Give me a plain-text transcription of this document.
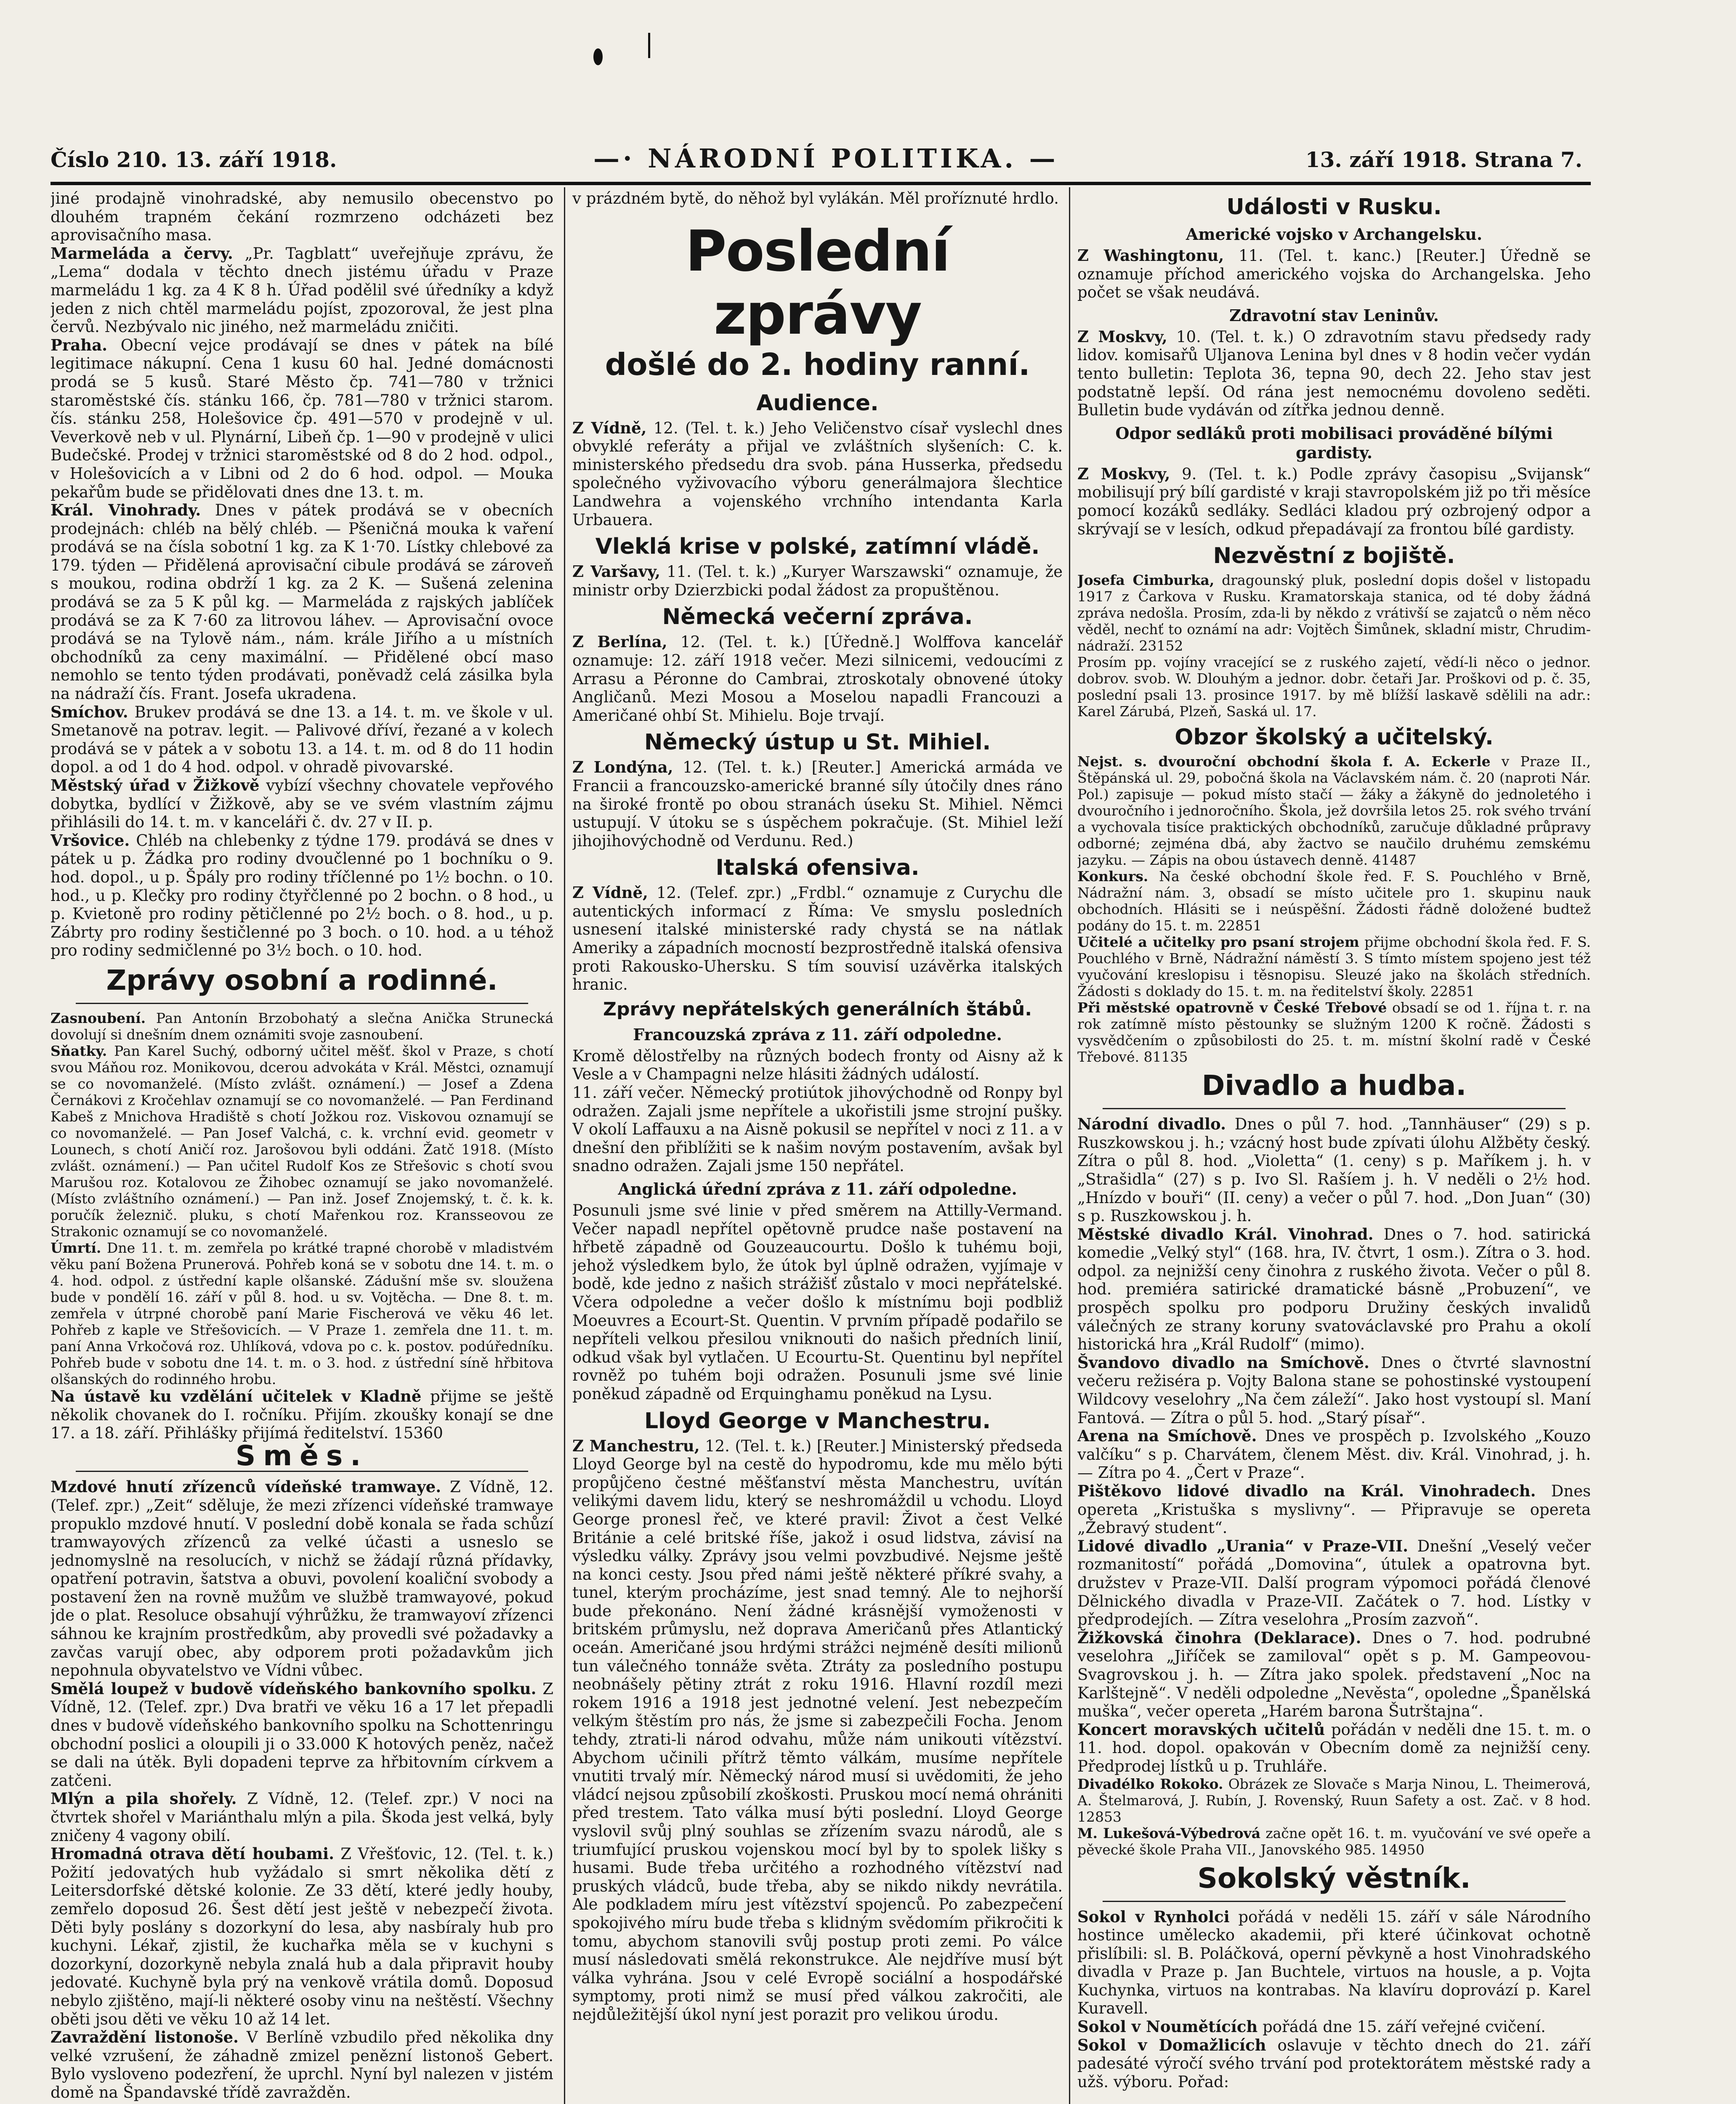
Číslo 210. 13. září 1918.	—· NÁRODNÍ POLITIKA. —	13. září 1918. Strana 7.

jiné prodajně vinohradské, aby nemusilo obecenstvo po dlouhém trapném čekání rozmrzeno odcházeti bez aprovisačního masa.

Marmeláda a červy. „Pr. Tagblatt“ uveřejňuje zprávu, že „Lema“ dodala v těchto dnech jistému úřadu v Praze marmeládu 1 kg. za 4 K 8 h. Úřad podělil své úředníky a když jeden z nich chtěl marmeládu pojíst, zpozoroval, že jest plna červů. Nezbývalo nic jiného, než marmeládu zničiti.

Praha. Obecní vejce prodávají se dnes v pátek na bílé legitimace nákupní. Cena 1 kusu 60 hal. Jedné domácnosti prodá se 5 kusů. Staré Město čp. 741—780 v tržnici staroměstské čís. stánku 166, čp. 781—780 v tržnici starom. čís. stánku 258, Holešovice čp. 491—570 v prodejně v ul. Veverkově neb v ul. Plynární, Libeň čp. 1—90 v prodejně v ulici Budečské. Prodej v tržnici staroměstské od 8 do 2 hod. odpol., v Holešovicích a v Libni od 2 do 6 hod. odpol. — Mouka pekařům bude se přidělovati dnes dne 13. t. m.

Král. Vinohrady. Dnes v pátek prodává se v obecních prodejnách: chléb na bělý chléb. — Pšeničná mouka k vaření prodává se na čísla sobotní 1 kg. za K 1·70. Lístky chlebové za 179. týden — Přidělená aprovisační cibule prodává se zároveň s moukou, rodina obdrží 1 kg. za 2 K. — Sušená zelenina prodává se za 5 K půl kg. — Marmeláda z rajských jablíček prodává se za K 7·60 za litrovou láhev. — Aprovisační ovoce prodává se na Tylově nám., nám. krále Jiřího a u místních obchodníků za ceny maximální. — Přidělené obcí maso nemohlo se tento týden prodávati, poněvadž celá zásilka byla na nádraží čís. Frant. Josefa ukradena.

Smíchov. Brukev prodává se dne 13. a 14. t. m. ve škole v ul. Smetanově na potrav. legit. — Palivové dříví, řezané a v kolech prodává se v pátek a v sobotu 13. a 14. t. m. od 8 do 11 hodin dopol. a od 1 do 4 hod. odpol. v ohradě pivovarské.

Městský úřad v Žižkově vybízí všechny chovatele vepřového dobytka, bydlící v Žižkově, aby se ve svém vlastním zájmu přihlásili do 14. t. m. v kanceláři č. dv. 27 v II. p.

Vršovice. Chléb na chlebenky z týdne 179. prodává se dnes v pátek u p. Žádka pro rodiny dvoučlenné po 1 bochníku o 9. hod. dopol., u p. Špály pro rodiny tříčlenné po 1½ bochn. o 10. hod., u p. Klečky pro rodiny čtyřčlenné po 2 bochn. o 8 hod., u p. Kvietoně pro rodiny pětičlenné po 2½ boch. o 8. hod., u p. Zábrty pro rodiny šestičlenné po 3 boch. o 10. hod. a u téhož pro rodiny sedmičlenné po 3½ boch. o 10. hod.

Zprávy osobní a rodinné.

Zasnoubení. Pan Antonín Brzobohatý a slečna Anička Strunecká dovolují si dnešním dnem oznámiti svoje zasnoubení.

Sňatky. Pan Karel Suchý, odborný učitel měšť. škol v Praze, s chotí svou Máňou roz. Monikovou, dcerou advokáta v Král. Městci, oznamují se co novomanželé. (Místo zvlášt. oznámení.) — Josef a Zdena Černákovi z Kročehlav oznamují se co novomanželé. — Pan Ferdinand Kabeš z Mnichova Hradiště s chotí Jožkou roz. Viskovou oznamují se co novomanželé. — Pan Josef Valchá, c. k. vrchní evid. geometr v Lounech, s chotí Aničí roz. Jarošovou byli oddáni. Žatč 1918. (Místo zvlášt. oznámení.) — Pan učitel Rudolf Kos ze Střešovic s chotí svou Marušou roz. Kotalovou ze Žihobec oznamují se jako novomanželé. (Místo zvláštního oznámení.) — Pan inž. Josef Znojemský, t. č. k. k. poručík železnič. pluku, s chotí Mařenkou roz. Kransseovou ze Strakonic oznamují se co novomanželé.

Úmrtí. Dne 11. t. m. zemřela po krátké trapné chorobě v mladistvém věku paní Božena Prunerová. Pohřeb koná se v sobotu dne 14. t. m. o 4. hod. odpol. z ústřední kaple olšanské. Zádušní mše sv. sloužena bude v pondělí 16. září v půl 8. hod. u sv. Vojtěcha. — Dne 8. t. m. zemřela v útrpné chorobě paní Marie Fischerová ve věku 46 let. Pohřeb z kaple ve Střešovicích. — V Praze 1. zemřela dne 11. t. m. paní Anna Vrkočová roz. Uhlíková, vdova po c. k. postov. podúředníku. Pohřeb bude v sobotu dne 14. t. m. o 3. hod. z ústřední síně hřbitova olšanských do rodinného hrobu.

Na ústavě ku vzdělání učitelek v Kladně přijme se ještě několik chovanek do I. ročníku. Přijím. zkoušky konají se dne 17. a 18. září. Přihlášky přijímá ředitelství. 15360

Směs.

Mzdové hnutí zřízenců vídeňské tramwaye. Z Vídně, 12. (Telef. zpr.) „Zeit“ sděluje, že mezi zřízenci vídeňské tramwaye propuklo mzdové hnutí. V poslední době konala se řada schůzí tramwayových zřízenců za velké účasti a usneslo se jednomyslně na resolucích, v nichž se žádají různá přídavky, opatření potravin, šatstva a obuvi, povolení koaliční svobody a postavení žen na rovně mužům ve službě tramwayové, pokud jde o plat. Resoluce obsahují výhrůžku, že tramwayoví zřízenci sáhnou ke krajním prostředkům, aby provedli své požadavky a zavčas varují obec, aby odporem proti požadavkům jich nepohnula obyvatelstvo ve Vídni vůbec.

Smělá loupež v budově vídeňského bankovního spolku. Z Vídně, 12. (Telef. zpr.) Dva bratři ve věku 16 a 17 let přepadli dnes v budově vídeňského bankovního spolku na Schottenringu obchodní poslici a oloupili ji o 33.000 K hotových peněz, načež se dali na útěk. Byli dopadeni teprve za hřbitovním církvem a zatčeni.

Mlýn a pila shořely. Z Vídně, 12. (Telef. zpr.) V noci na čtvrtek shořel v Mariánthalu mlýn a pila. Škoda jest velká, byly zničeny 4 vagony obilí.

Hromadná otrava dětí houbami. Z Vřešťovic, 12. (Tel. t. k.) Požití jedovatých hub vyžádalo si smrt několika dětí z Leitersdorfské dětské kolonie. Ze 33 dětí, které jedly houby, zemřelo doposud 26. Šest dětí jest ještě v nebezpečí života. Děti byly poslány s dozorkyní do lesa, aby nasbíraly hub pro kuchyni. Lékař, zjistil, že kuchařka měla se v kuchyni s dozorkyní, dozorkyně nebyla znalá hub a dala připravit houby jedovaté. Kuchyně byla prý na venkově vrátila domů. Doposud nebylo zjištěno, mají-li některé osoby vinu na neštěstí. Všechny oběti jsou děti ve věku 10 až 14 let.

Zavraždění listonoše. V Berlíně vzbudilo před několika dny velké vzrušení, že záhadně zmizel penězní listonoš Gebert. Bylo vysloveno podezření, že uprchl. Nyní byl nalezen v jistém domě na Špandavské třídě zavražděn.

v prázdném bytě, do něhož byl vylákán. Měl proříznuté hrdlo.

Poslední zprávy
došlé do 2. hodiny ranní.
Audience.

Z Vídně, 12. (Tel. t. k.) Jeho Veličenstvo císař vyslechl dnes obvyklé referáty a přijal ve zvláštních slyšeních: C. k. ministerského předsedu dra svob. pána Husserka, předsedu společného vyživovacího výboru generálmajora šlechtice Landwehra a vojenského vrchního intendanta Karla Urbauera.

Vleklá krise v polské, zatímní vládě.

Z Varšavy, 11. (Tel. t. k.) „Kuryer Warszawski“ oznamuje, že ministr orby Dzierzbicki podal žádost za propuštěnou.

Německá večerní zpráva.

Z Berlína, 12. (Tel. t. k.) [Úředně.] Wolffova kancelář oznamuje: 12. září 1918 večer. Mezi silnicemi, vedoucími z Arrasu a Péronne do Cambrai, ztroskotaly obnovené útoky Angličanů. Mezi Mosou a Moselou napadli Francouzi a Američané ohbí St. Mihielu. Boje trvají.

Německý ústup u St. Mihiel.

Z Londýna, 12. (Tel. t. k.) [Reuter.] Americká armáda ve Francii a francouzsko-americké branné síly útočily dnes ráno na široké frontě po obou stranách úseku St. Mihiel. Němci ustupují. V útoku se s úspěchem pokračuje. (St. Mihiel leží jihojihovýchodně od Verdunu. Red.)

Italská ofensiva.

Z Vídně, 12. (Telef. zpr.) „Frdbl.“ oznamuje z Curychu dle autentických informací z Říma: Ve smyslu posledních usnesení italské ministerské rady chystá se na nátlak Ameriky a západních mocností bezprostředně italská ofensiva proti Rakousko-Uhersku. S tím souvisí uzávěrka italských hranic.

Zprávy nepřátelských generálních štábů.
Francouzská zpráva z 11. září odpoledne.

Kromě dělostřelby na různých bodech fronty od Aisny až k Vesle a v Champagni nelze hlásiti žádných událostí.

11. září večer. Německý protiútok jihovýchodně od Ronpy byl odražen. Zajali jsme nepřítele a ukořistili jsme strojní pušky. V okolí Laffauxu a na Aisně pokusil se nepřítel v noci z 11. a v dnešní den přiblížiti se k našim novým postavením, avšak byl snadno odražen. Zajali jsme 150 nepřátel.

Anglická úřední zpráva z 11. září odpoledne.

Posunuli jsme své linie v před směrem na Attilly-Vermand. Večer napadl nepřítel opětovně prudce naše postavení na hřbetě západně od Gouzeaucourtu. Došlo k tuhému boji, jehož výsledkem bylo, že útok byl úplně odražen, vyjímaje v bodě, kde jedno z našich strážišť zůstalo v moci nepřátelské. Včera odpoledne a večer došlo k místnímu boji podbliž Moeuvres a Ecourt-St. Quentin. V prvním případě podařilo se nepříteli velkou přesilou vniknouti do našich předních linií, odkud však byl vytlačen. U Ecourtu-St. Quentinu byl nepřítel rovněž po tuhém boji odražen. Posunuli jsme své linie poněkud západně od Erquinghamu poněkud na Lysu.

Lloyd George v Manchestru.

Z Manchestru, 12. (Tel. t. k.) [Reuter.] Ministerský předseda Lloyd George byl na cestě do hypodromu, kde mu mělo býti propůjčeno čestné měšťanství města Manchestru, uvítán velikými davem lidu, který se neshromáždil u vchodu. Lloyd George pronesl řeč, ve které pravil: Život a čest Velké Británie a celé britské říše, jakož i osud lidstva, závisí na výsledku války. Zprávy jsou velmi povzbudivé. Nejsme ještě na konci cesty. Jsou před námi ještě některé příkré svahy, a tunel, kterým procházíme, jest snad temný. Ale to nejhorší bude překonáno. Není žádné krásnější vymoženosti v britském průmyslu, než doprava Američanů přes Atlantický oceán. Američané jsou hrdými strážci nejméně desíti milionů tun válečného tonnáže světa. Ztráty za posledního postupu neobnášely pětiny ztrát z roku 1916. Hlavní rozdíl mezi rokem 1916 a 1918 jest jednotné velení. Jest nebezpečím velkým štěstím pro nás, že jsme si zabezpečili Focha. Jenom tehdy, ztrati-li národ odvahu, může nám unikouti vítězství. Abychom učinili přítrž těmto válkám, musíme nepřítele vnutiti trvalý mír. Německý národ musí si uvědomiti, že jeho vládcí nejsou způsobilí zkoškosti. Pruskou mocí nemá ohrániti před trestem. Tato válka musí býti poslední. Lloyd George vyslovil svůj plný souhlas se zřízením svazu národů, ale s triumfující pruskou vojenskou mocí byl by to spolek lišky s husami. Bude třeba určitého a rozhodného vítězství nad pruských vládců, bude třeba, aby se nikdo nikdy nevrátila. Ale podkladem míru jest vítězství spojenců. Po zabezpečení spokojivého míru bude třeba s klidným svědomím přikročiti k tomu, abychom stanovili svůj postup proti zemi. Po válce musí následovati smělá rekonstrukce. Ale nejdříve musí být válka vyhrána. Jsou v celé Evropě sociální a hospodářské symptomy, proti nimž se musí před válkou zakročiti, ale nejdůležitější úkol nyní jest porazit pro velikou úrodu.

Události v Rusku.
Americké vojsko v Archangelsku.

Z Washingtonu, 11. (Tel. t. kanc.) [Reuter.] Úředně se oznamuje příchod amerického vojska do Archangelska. Jeho počet se však neudává.

Zdravotní stav Leninův.

Z Moskvy, 10. (Tel. t. k.) O zdravotním stavu předsedy rady lidov. komisařů Uljanova Lenina byl dnes v 8 hodin večer vydán tento bulletin: Teplota 36, tepna 90, dech 22. Jeho stav jest podstatně lepší. Od rána jest nemocnému dovoleno seděti. Bulletin bude vydáván od zítřka jednou denně.

Odpor sedláků proti mobilisaci prováděné bílými gardisty.

Z Moskvy, 9. (Tel. t. k.) Podle zprávy časopisu „Svijansk“ mobilisují prý bílí gardisté v kraji stavropolském již po tři měsíce pomocí kozáků sedláky. Sedláci kladou prý ozbrojený odpor a skrývají se v lesích, odkud přepadávají za frontou bílé gardisty.

Nezvěstní z bojiště.

Josefa Cimburka, dragounský pluk, poslední dopis došel v listopadu 1917 z Čarkova v Rusku. Kramatorskaja stanica, od té doby žádná zpráva nedošla. Prosím, zda-li by někdo z vrátivší se zajatců o něm něco věděl, nechť to oznámí na adr: Vojtěch Šimůnek, skladní mistr, Chrudim-nádraží. 23152

Prosím pp. vojíny vracející se z ruského zajetí, vědí-li něco o jednor. dobrov. svob. W. Dlouhým a jednor. dobr. četaři Jar. Proškovi od p. č. 35, poslední psali 13. prosince 1917. by mě blížší laskavě sdělili na adr.: Karel Zárubá, Plzeň, Saská ul. 17.

Obzor školský a učitelský.

Nejst. s. dvouroční obchodní škola f. A. Eckerle v Praze II., Štěpánská ul. 29, pobočná škola na Václavském nám. č. 20 (naproti Nár. Pol.) zapisuje — pokud místo stačí — žáky a žákyně do jednoletého i dvouročního i jednoročního. Škola, jež dovršila letos 25. rok svého trvání a vychovala tisíce praktických obchodníků, zaručuje důkladné průpravy odborné; zejména dbá, aby žactvo se naučilo druhému zemskému jazyku. — Zápis na obou ústavech denně. 41487

Konkurs. Na české obchodní škole řed. F. S. Pouchlého v Brně, Nádražní nám. 3, obsadí se místo učitele pro 1. skupinu nauk obchodních. Hlásiti se i neúspěšní. Žádosti řádně doložené budtež podány do 15. t. m. 22851

Učitelé a učitelky pro psaní strojem přijme obchodní škola řed. F. S. Pouchlého v Brně, Nádražní náměstí 3. S tímto místem spojeno jest též vyučování kreslopisu i těsnopisu. Sleuzé jako na školách středních. Žádosti s doklady do 15. t. m. na ředitelství školy. 22851

Při městské opatrovně v České Třebové obsadí se od 1. října t. r. na rok zatímně místo pěstounky se služným 1200 K ročně. Žádosti s vysvědčením o způsobilosti do 25. t. m. místní školní radě v České Třebové. 81135

Divadlo a hudba.

Národní divadlo. Dnes o půl 7. hod. „Tannhäuser“ (29) s p. Ruszkowskou j. h.; vzácný host bude zpívati úlohu Alžběty český. Zítra o půl 8. hod. „Violetta“ (1. ceny) s p. Maříkem j. h. v „Strašidla“ (27) s p. Ivo Sl. Rašíem j. h. V neděli o 2½ hod. „Hnízdo v bouři“ (II. ceny) a večer o půl 7. hod. „Don Juan“ (30) s p. Ruszkowskou j. h.

Městské divadlo Král. Vinohrad. Dnes o 7. hod. satirická komedie „Velký styl“ (168. hra, IV. čtvrt, 1 osm.). Zítra o 3. hod. odpol. za nejnižší ceny činohra z ruského života. Večer o půl 8. hod. premiéra satirické dramatické básně „Probuzení“, ve prospěch spolku pro podporu Družiny českých invalidů válečných ze strany koruny svatováclavské pro Prahu a okolí historická hra „Král Rudolf“ (mimo).

Švandovo divadlo na Smíchově. Dnes o čtvrté slavnostní večeru režiséra p. Vojty Balona stane se pohostinské vystoupení Wildcovy veselohry „Na čem záleží“. Jako host vystoupí sl. Maní Fantová. — Zítra o půl 5. hod. „Starý písař“.

Arena na Smíchově. Dnes ve prospěch p. Izvolského „Kouzo valčíku“ s p. Charvátem, členem Měst. div. Král. Vinohrad, j. h. — Zítra po 4. „Čert v Praze“.

Pištěkovo lidové divadlo na Král. Vinohradech. Dnes opereta „Kristuška s myslivny“. — Připravuje se opereta „Žebravý student“.

Lidové divadlo „Urania“ v Praze-VII. Dnešní „Veselý večer rozmanitostí“ pořádá „Domovina“, útulek a opatrovna byt. družstev v Praze-VII. Další program výpomoci pořádá členové Dělnického divadla v Praze-VII. Začátek o 7. hod. Lístky v předprodejích. — Zítra veselohra „Prosím zazvoň“.

Žižkovská činohra (Deklarace). Dnes o 7. hod. podrubné veselohra „Jiříček se zamiloval“ opět s p. M. Gampeovou-Svagrovskou j. h. — Zítra jako spolek. představení „Noc na Karlštejně“. V neděli odpoledne „Nevěsta“, opoledne „Španělská muška“, večer opereta „Harém barona Šutrštajna“.

Koncert moravských učitelů pořádán v neděli dne 15. t. m. o 11. hod. dopol. opakován v Obecním domě za nejnižší ceny. Předprodej lístků u p. Truhláře.

Divadélko Rokoko. Obrázek ze Slovače s Marja Ninou, L. Theimerová, A. Štelmarová, J. Rubín, J. Rovenský, Ruun Safety a ost. Zač. v 8 hod. 12853

M. Lukešová-Výbedrová začne opět 16. t. m. vyučování ve své opeře a pěvecké škole Praha VII., Janovského 985. 14950

Sokolský věstník.

Sokol v Rynholci pořádá v neděli 15. září v sále Národního hostince umělecko akademii, při které účinkovat ochotně přislíbili: sl. B. Poláčková, operní pěvkyně a host Vinohradského divadla v Praze p. Jan Buchtele, virtuos na housle, a p. Vojta Kuchynka, virtuos na kontrabas. Na klavíru doprovází p. Karel Kuravell.

Sokol v Noumětících pořádá dne 15. září veřejné cvičení.

Sokol v Domažlicích oslavuje v těchto dnech do 21. září padesáté výročí svého trvání pod protektorátem městské rady a užš. výboru. Pořad:
